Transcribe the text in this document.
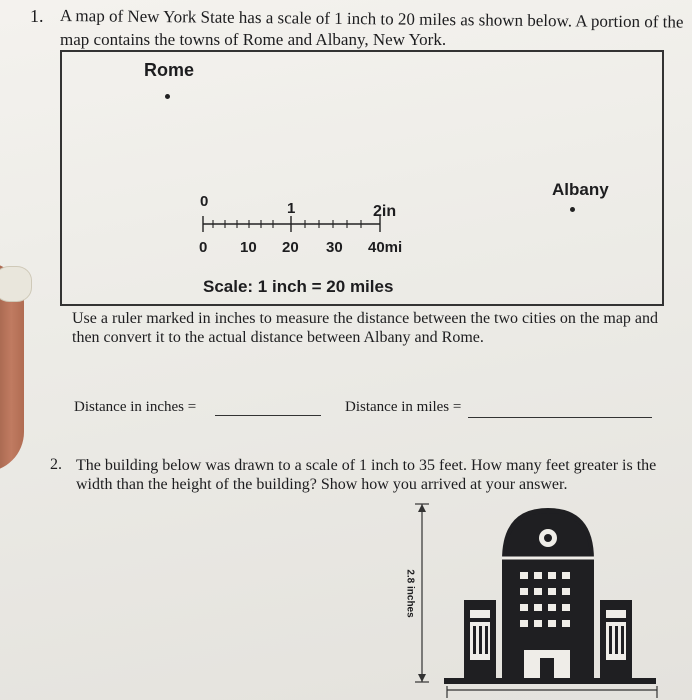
1. A map of New York State has a scale of 1 inch to 20 miles as shown below. A portion of the
map contains the towns of Rome and Albany, New York.
Rome
Albany
0	1	2in
0 10 20 30 40mi
Scale: 1 inch = 20 miles
Use a ruler marked in inches to measure the distance between the two cities on the map and then convert it to the actual distance between Albany and Rome.
Distance in inches =	Distance in miles =
2. The building below was drawn to a scale of 1 inch to 35 feet. How many feet greater is the width than the height of the building? Show how you arrived at your answer.
2.8 inches
